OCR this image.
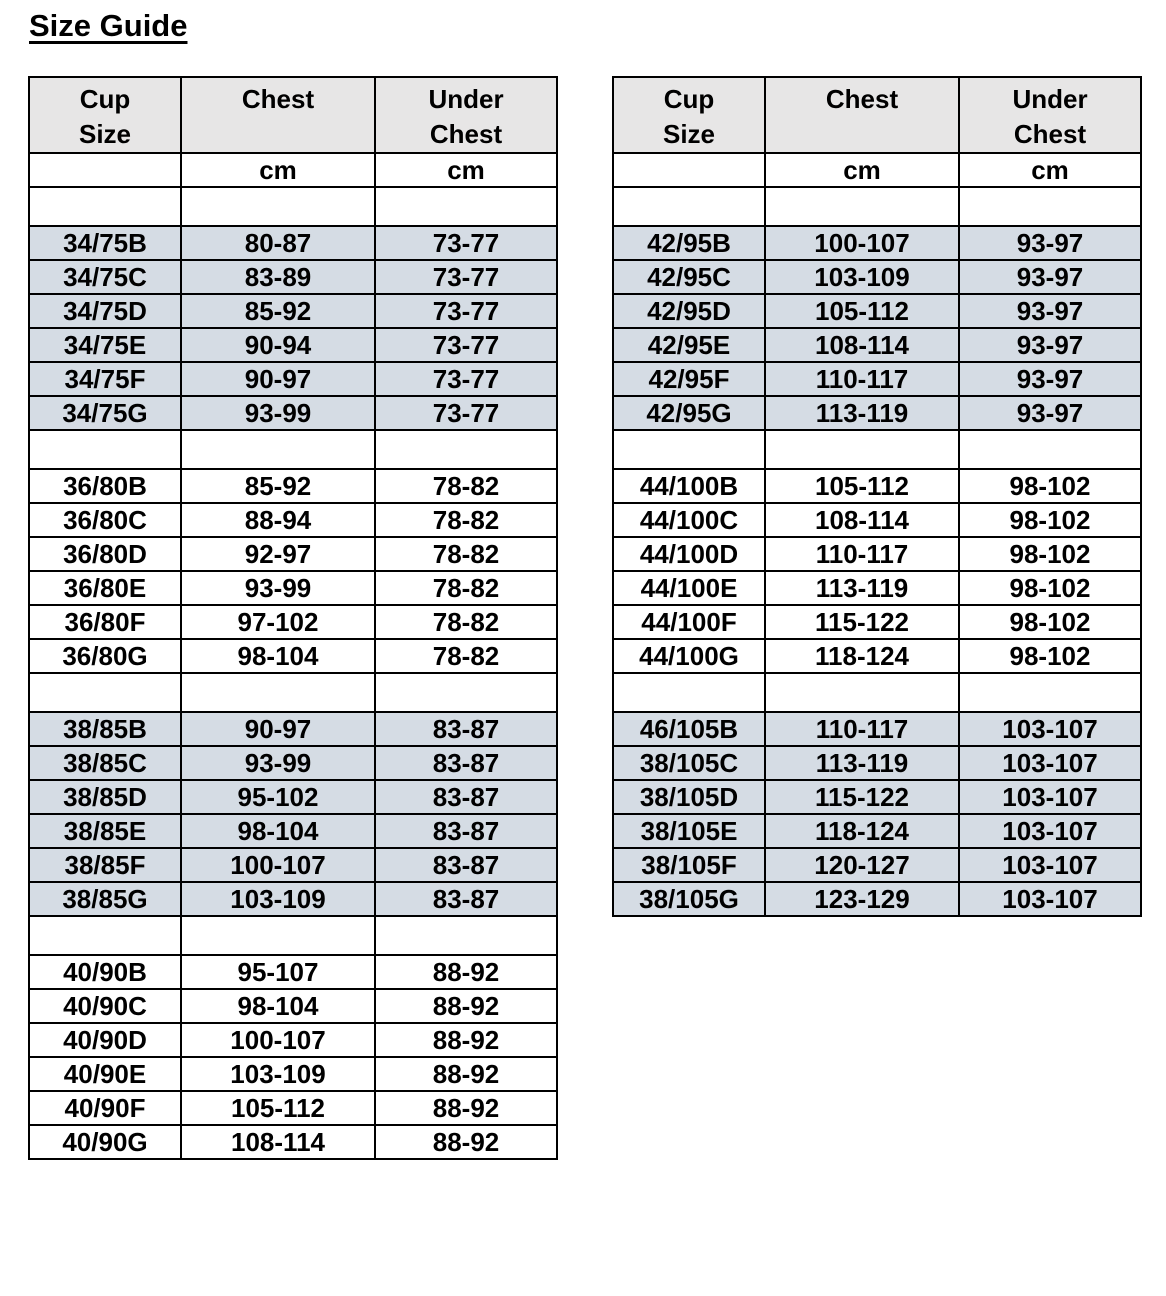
Size Guide
Cup Size	Chest	Under Chest
	cm	cm

34/75B	80-87	73-77
34/75C	83-89	73-77
34/75D	85-92	73-77
34/75E	90-94	73-77
34/75F	90-97	73-77
34/75G	93-99	73-77

36/80B	85-92	78-82
36/80C	88-94	78-82
36/80D	92-97	78-82
36/80E	93-99	78-82
36/80F	97-102	78-82
36/80G	98-104	78-82

38/85B	90-97	83-87
38/85C	93-99	83-87
38/85D	95-102	83-87
38/85E	98-104	83-87
38/85F	100-107	83-87
38/85G	103-109	83-87

40/90B	95-107	88-92
40/90C	98-104	88-92
40/90D	100-107	88-92
40/90E	103-109	88-92
40/90F	105-112	88-92
40/90G	108-114	88-92
Cup Size	Chest	Under Chest
	cm	cm

42/95B	100-107	93-97
42/95C	103-109	93-97
42/95D	105-112	93-97
42/95E	108-114	93-97
42/95F	110-117	93-97
42/95G	113-119	93-97

44/100B	105-112	98-102
44/100C	108-114	98-102
44/100D	110-117	98-102
44/100E	113-119	98-102
44/100F	115-122	98-102
44/100G	118-124	98-102

46/105B	110-117	103-107
38/105C	113-119	103-107
38/105D	115-122	103-107
38/105E	118-124	103-107
38/105F	120-127	103-107
38/105G	123-129	103-107
